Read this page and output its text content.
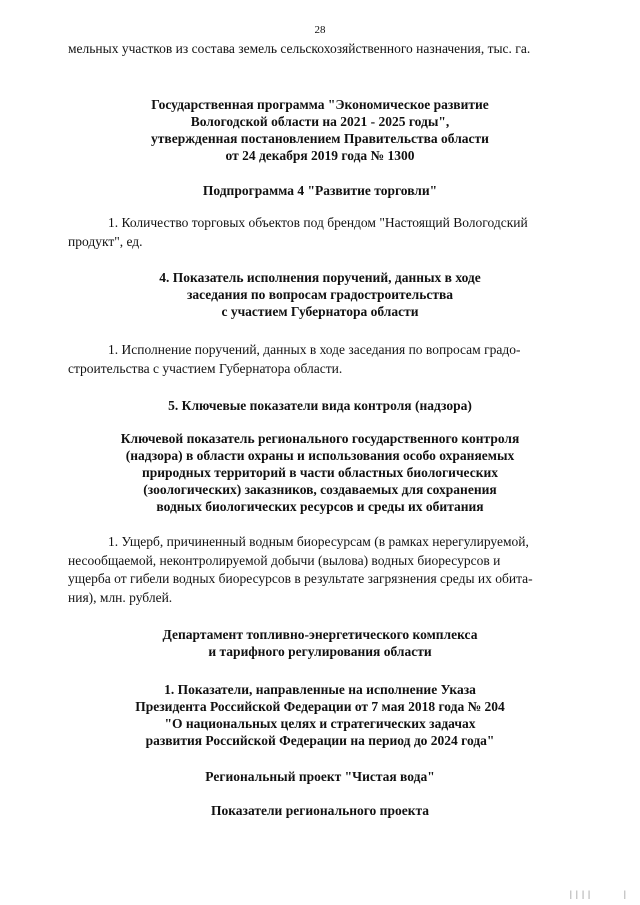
28
мельных участков из состава земель сельскохозяйственного назначения, тыс. га.
Государственная программа "Экономическое развитие
Вологодской области на 2021 - 2025 годы",
утвержденная постановлением Правительства области
от 24 декабря 2019 года № 1300
Подпрограмма 4 "Развитие торговли"

1. Количество торговых объектов под брендом "Настоящий Вологодский

продукт", ед.

4. Показатель исполнения поручений, данных в ходе
заседания по вопросам градостроительства
с участием Губернатора области

1. Исполнение поручений, данных в ходе заседания по вопросам градо-

строительства с участием Губернатора области.

5. Ключевые показатели вида контроля (надзора)
Ключевой показатель регионального государственного контроля
(надзора) в области охраны и использования особо охраняемых
природных территорий в части областных биологических
(зоологических) заказников, создаваемых для сохранения
водных биологических ресурсов и среды их обитания

1. Ущерб, причиненный водным биоресурсам (в рамках нерегулируемой,

несообщаемой, неконтролируемой добычи (вылова) водных биоресурсов и

ущерба от гибели водных биоресурсов в результате загрязнения среды их обита-

ния), млн. рублей.

Департамент топливно-энергетического комплекса
и тарифного регулирования области
1. Показатели, направленные на исполнение Указа
Президента Российской Федерации от 7 мая 2018 года № 204
"О национальных целях и стратегических задачах
развития Российской Федерации на период до 2024 года"
Региональный проект "Чистая вода"
Показатели регионального проекта
| | | |	|
